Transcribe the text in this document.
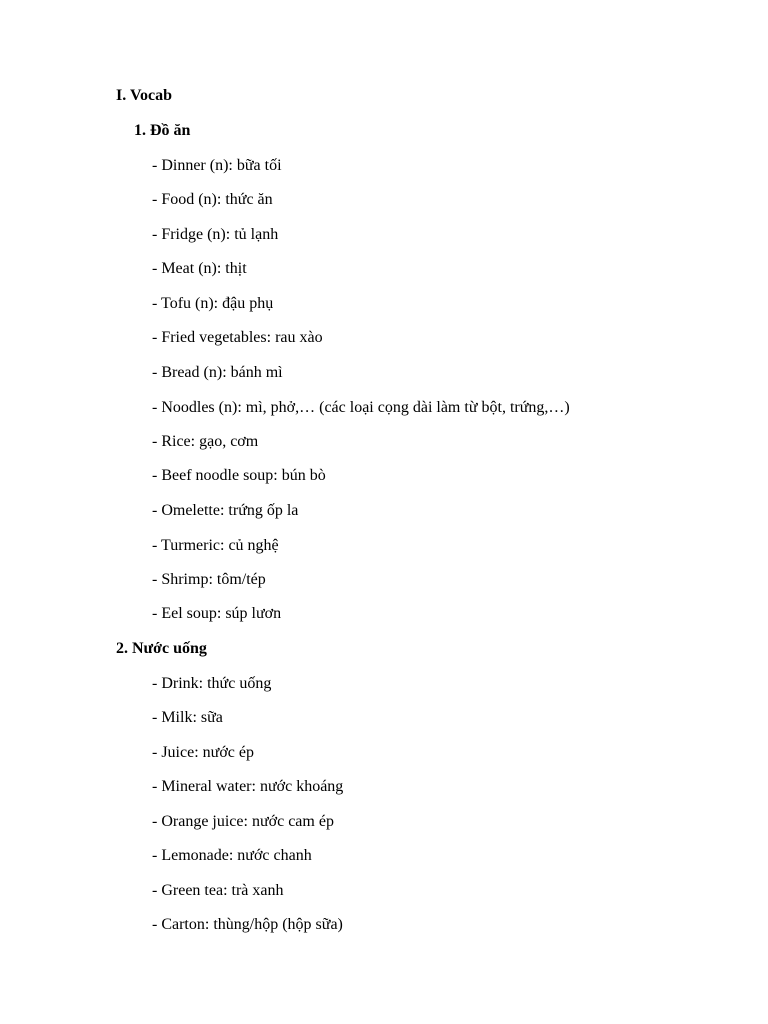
I. Vocab
1. Đồ ăn
- Dinner (n): bữa tối
- Food (n): thức ăn
- Fridge (n): tủ lạnh
- Meat (n): thịt
- Tofu (n): đậu phụ
- Fried vegetables: rau xào
- Bread (n): bánh mì
- Noodles (n): mì, phở,… (các loại cọng dài làm từ bột, trứng,…)
- Rice: gạo, cơm
- Beef noodle soup: bún bò
- Omelette: trứng ốp la
- Turmeric: củ nghệ
- Shrimp: tôm/tép
- Eel soup: súp lươn
2. Nước uống
- Drink: thức uống
- Milk: sữa
- Juice: nước ép
- Mineral water: nước khoáng
- Orange juice: nước cam ép
- Lemonade: nước chanh
- Green tea: trà xanh
- Carton: thùng/hộp (hộp sữa)
